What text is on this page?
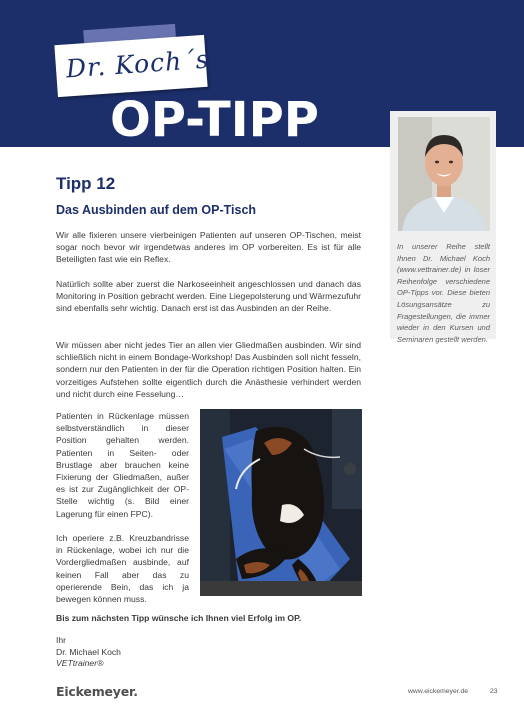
Dr. Koch´s
OP-TIPP

In unserer Reihe stellt Ihnen Dr. Michael Koch (www.vettrainer.de) in loser Reihenfolge verschiedene OP-Tipps vor. Diese bieten Lösungsansätze zu Fragestellungen, die immer wieder in den Kursen und Seminaren gestellt werden.

Tipp 12
Das Ausbinden auf dem OP-Tisch

Wir alle fixieren unsere vierbeinigen Patienten auf unseren OP-Tischen, meist sogar noch bevor wir irgendetwas anderes im OP vorbereiten. Es ist für alle Beteiligten fast wie ein Reflex.

Natürlich sollte aber zuerst die Narkoseeinheit angeschlossen und danach das Monitoring in Position gebracht werden. Eine Liegepolsterung und Wärmezufuhr sind ebenfalls sehr wichtig. Danach erst ist das Ausbinden an der Reihe.

Wir müssen aber nicht jedes Tier an allen vier Gliedmaßen ausbinden. Wir sind schließlich nicht in einem Bondage-Workshop! Das Ausbinden soll nicht fesseln, sondern nur den Patienten in der für die Operation richtigen Position halten. Ein vorzeitiges Aufstehen sollte eigentlich durch die Anästhesie verhindert werden und nicht durch eine Fesselung…

Patienten in Rückenlage müssen selbstverständlich in dieser Position gehalten werden. Patienten in Seiten- oder Brustlage aber brauchen keine Fixierung der Gliedmaßen, außer es ist zur Zugänglichkeit der OP-Stelle wichtig (s. Bild einer Lagerung für einen FPC).

Ich operiere z.B. Kreuzbandrisse in Rückenlage, wobei ich nur die Vordergliedmaßen ausbinde, auf keinen Fall aber das zu operierende Bein, das ich ja bewegen können muss.

Bis zum nächsten Tipp wünsche ich Ihnen viel Erfolg im OP.

Ihr
Dr. Michael Koch
VETtrainer®
Eickemeyer.	www.eickemeyer.de	23
